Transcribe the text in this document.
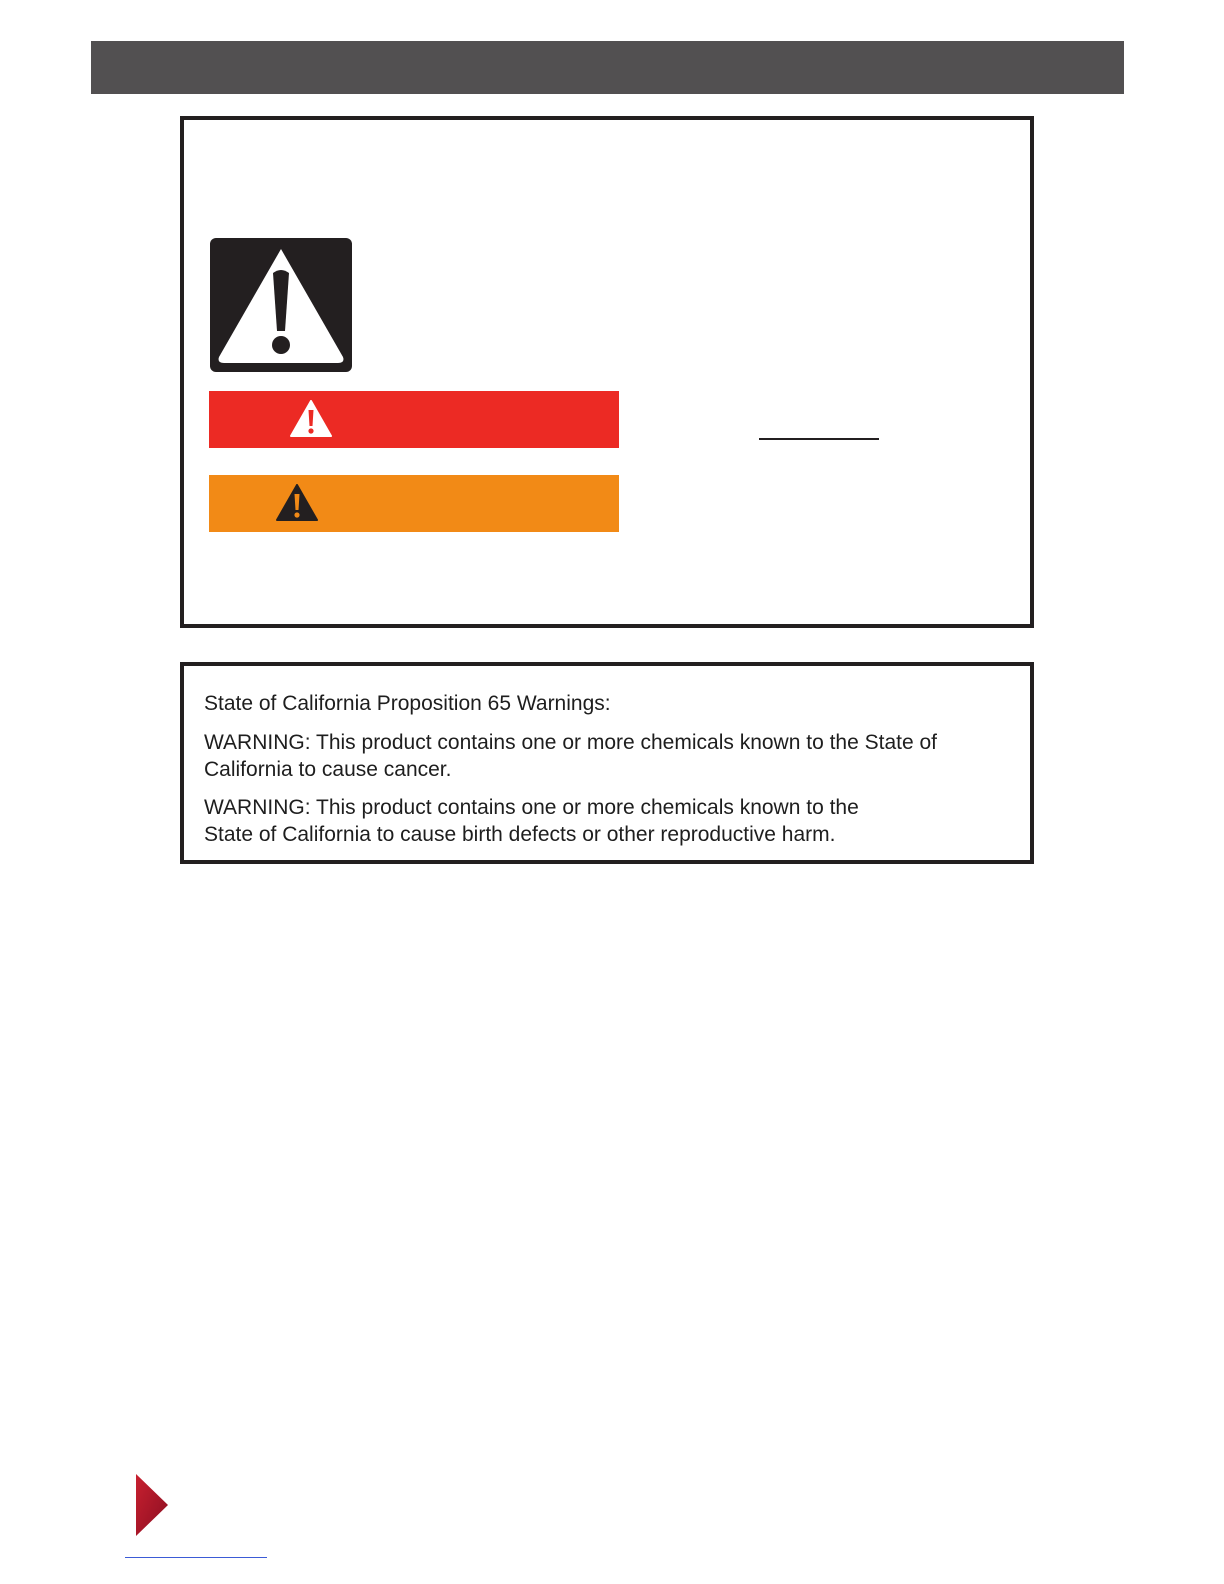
State of California Proposition 65 Warnings:

WARNING: This product contains one or more chemicals known to the State of
California to cause cancer.

WARNING: This product contains one or more chemicals known to the
State of California to cause birth defects or other reproductive harm.
